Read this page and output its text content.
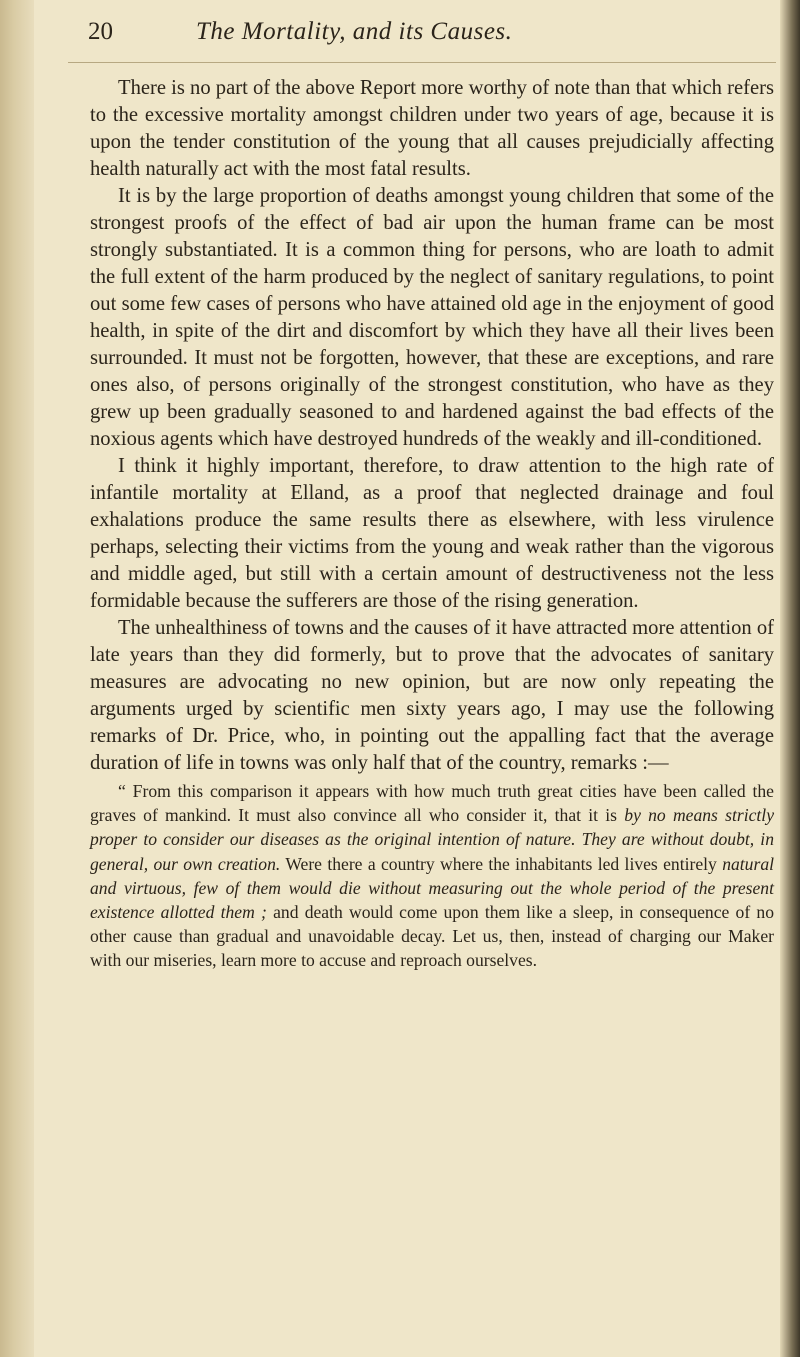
20	The Mortality, and its Causes.

There is no part of the above Report more worthy of note than that which refers to the excessive mortality amongst children under two years of age, because it is upon the tender constitution of the young that all causes prejudicially affecting health naturally act with the most fatal results.

It is by the large proportion of deaths amongst young children that some of the strongest proofs of the effect of bad air upon the human frame can be most strongly substantiated. It is a common thing for persons, who are loath to admit the full extent of the harm produced by the neglect of sanitary regulations, to point out some few cases of persons who have attained old age in the enjoyment of good health, in spite of the dirt and discomfort by which they have all their lives been surrounded. It must not be forgotten, however, that these are exceptions, and rare ones also, of persons originally of the strongest constitution, who have as they grew up been gradually seasoned to and hardened against the bad effects of the noxious agents which have destroyed hundreds of the weakly and ill-conditioned.

I think it highly important, therefore, to draw attention to the high rate of infantile mortality at Elland, as a proof that neglected drainage and foul exhalations produce the same results there as elsewhere, with less virulence perhaps, selecting their victims from the young and weak rather than the vigorous and middle aged, but still with a certain amount of destructiveness not the less formidable because the sufferers are those of the rising generation.

The unhealthiness of towns and the causes of it have attracted more attention of late years than they did formerly, but to prove that the advocates of sanitary measures are advocating no new opinion, but are now only repeating the arguments urged by scientific men sixty years ago, I may use the following remarks of Dr. Price, who, in pointing out the appalling fact that the average duration of life in towns was only half that of the country, remarks :—

“ From this comparison it appears with how much truth great cities have been called the graves of mankind. It must also convince all who consider it, that it is by no means strictly proper to consider our diseases as the original intention of nature. They are without doubt, in general, our own creation. Were there a country where the inhabitants led lives entirely natural and virtuous, few of them would die without measuring out the whole period of the present existence allotted them ; and death would come upon them like a sleep, in consequence of no other cause than gradual and unavoidable decay. Let us, then, instead of charging our Maker with our miseries, learn more to accuse and reproach ourselves.
